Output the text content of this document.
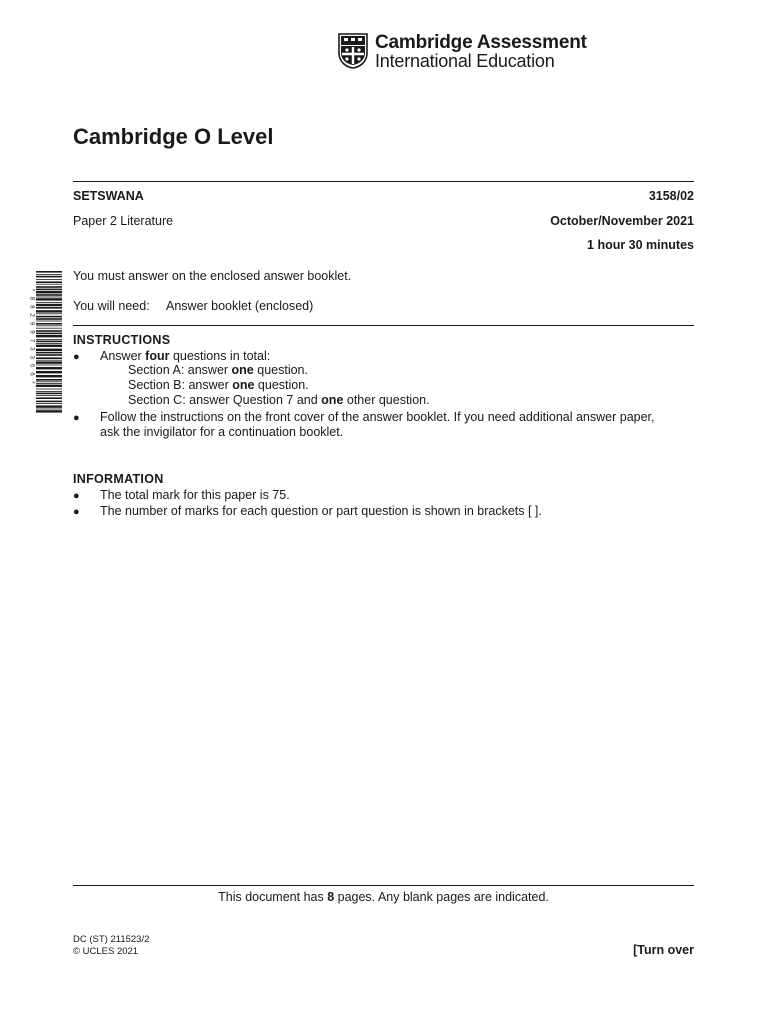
Cambridge Assessment
International Education
Cambridge O Level
SETSWANA	3158/02
Paper 2 Literature	October/November 2021
1 hour 30 minutes
* 8 8 2 9 9 7 3 3 6 6 *
You must answer on the enclosed answer booklet.
You will need: Answer booklet (enclosed)
INSTRUCTIONS
● Answer four questions in total:
Section A: answer one question.
Section B: answer one question.
Section C: answer Question 7 and one other question.
● Follow the instructions on the front cover of the answer booklet. If you need additional answer paper,
ask the invigilator for a continuation booklet.
INFORMATION
● The total mark for this paper is 75.
● The number of marks for each question or part question is shown in brackets [ ].
This document has 8 pages. Any blank pages are indicated.
DC (ST) 211523/2
© UCLES 2021	[Turn over
